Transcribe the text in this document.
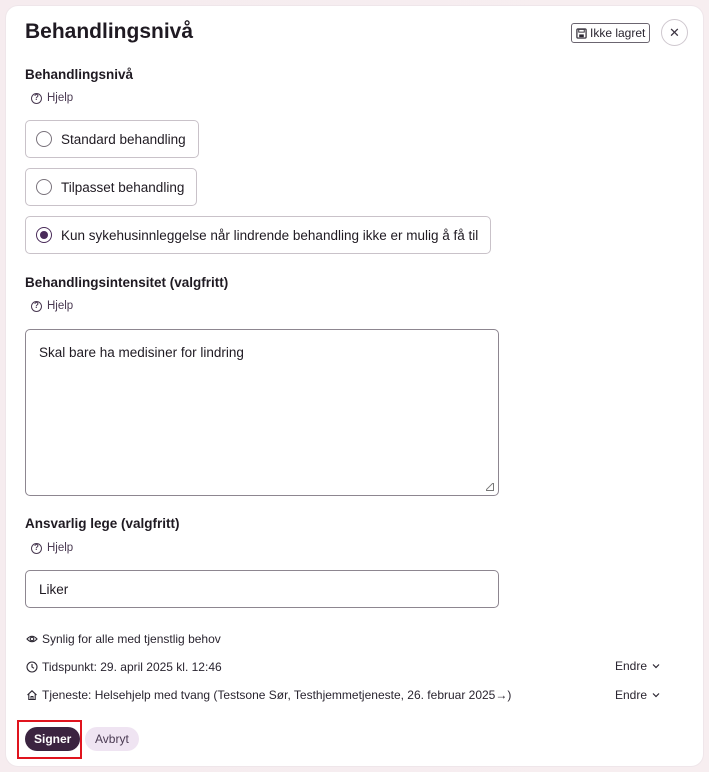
Behandlingsnivå	Ikke lagret ✕
Behandlingsnivå
? Hjelp
Standard behandling
Tilpasset behandling
Kun sykehusinnleggelse når lindrende behandling ikke er mulig å få til
Behandlingsintensitet (valgfritt)
? Hjelp
Skal bare ha medisiner for lindring
Ansvarlig lege (valgfritt)
? Hjelp
Liker
Synlig for alle med tjenstlig behov
Tidspunkt: 29. april 2025 kl. 12:46	Endre
Tjeneste: Helsehjelp med tvang (Testsone Sør, Testhjemmetjeneste, 26. februar 2025→)	Endre
Signer	Avbryt
